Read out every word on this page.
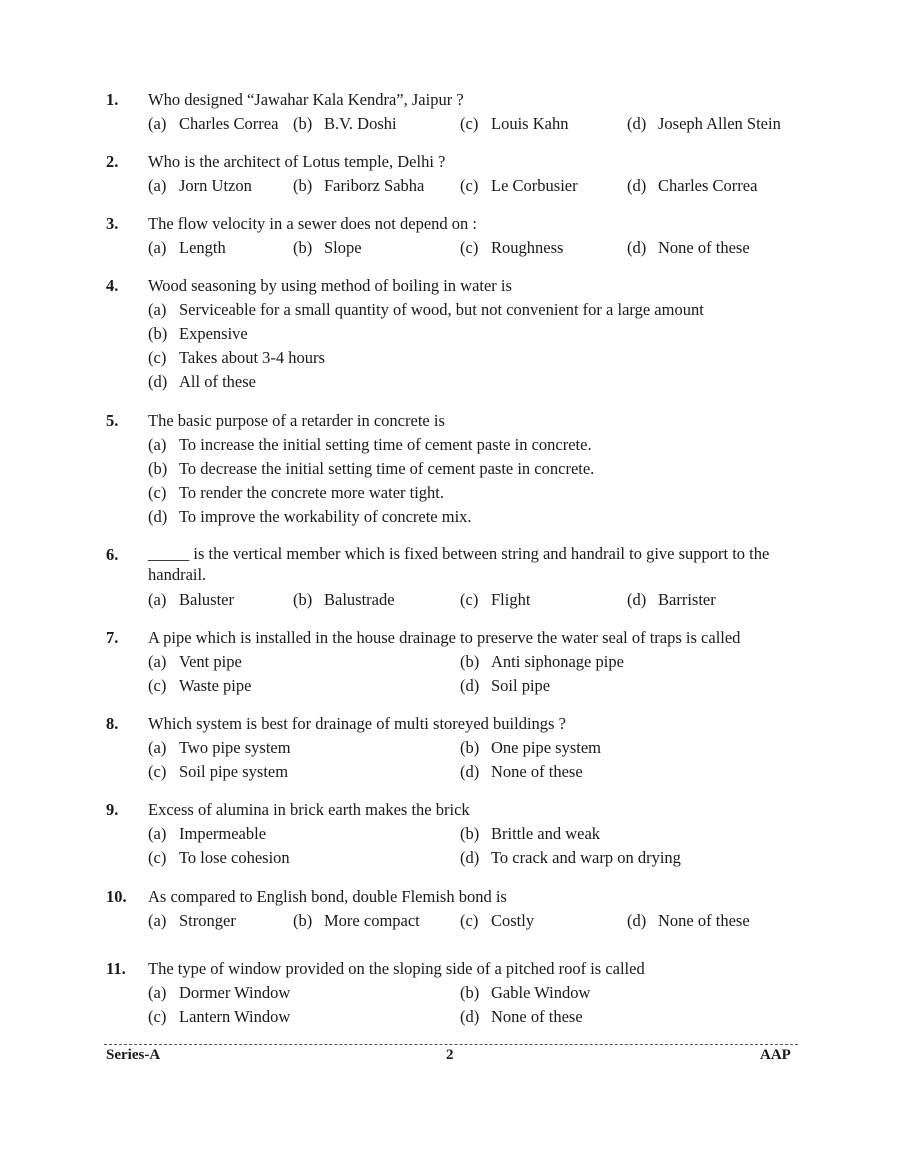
1. Who designed “Jawahar Kala Kendra”, Jaipur ?
(a) Charles Correa (b) B.V. Doshi	(c) Louis Kahn	(d) Joseph Allen Stein
2. Who is the architect of Lotus temple, Delhi ?
(a) Jorn Utzon (b) Fariborz Sabha (c) Le Corbusier	(d) Charles Correa
3. The flow velocity in a sewer does not depend on :
(a) Length	(b) Slope	(c) Roughness	(d) None of these
4. Wood seasoning by using method of boiling in water is
(a) Serviceable for a small quantity of wood, but not convenient for a large amount
(b) Expensive
(c) Takes about 3-4 hours
(d) All of these
5. The basic purpose of a retarder in concrete is
(a) To increase the initial setting time of cement paste in concrete.
(b) To decrease the initial setting time of cement paste in concrete.
(c) To render the concrete more water tight.
(d) To improve the workability of concrete mix.
6. _____ is the vertical member which is fixed between string and handrail to give support to the handrail.
(a) Baluster	(b) Balustrade	(c) Flight	(d) Barrister
7. A pipe which is installed in the house drainage to preserve the water seal of traps is called
(a) Vent pipe	(b) Anti siphonage pipe
(c) Waste pipe	(d) Soil pipe
8. Which system is best for drainage of multi storeyed buildings ?
(a) Two pipe system	(b) One pipe system
(c) Soil pipe system	(d) None of these
9. Excess of alumina in brick earth makes the brick
(a) Impermeable	(b) Brittle and weak
(c) To lose cohesion	(d) To crack and warp on drying
10. As compared to English bond, double Flemish bond is
(a) Stronger	(b) More compact (c) Costly	(d) None of these
11. The type of window provided on the sloping side of a pitched roof is called
(a) Dormer Window	(b) Gable Window
(c) Lantern Window	(d) None of these
Series-A	2	AAP
